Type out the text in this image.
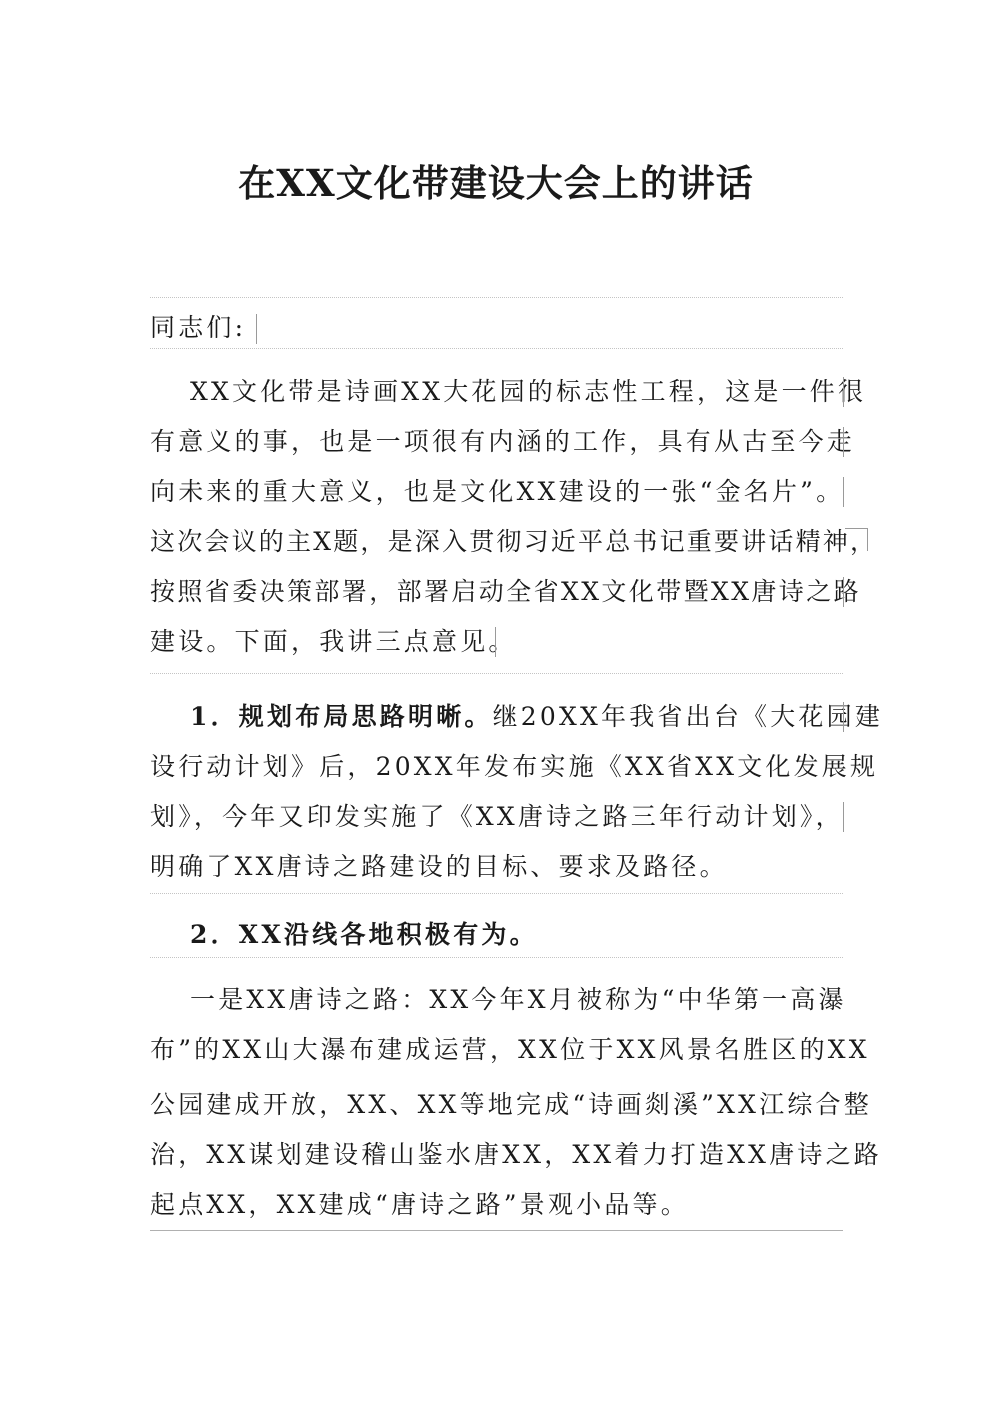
在XX文化带建设大会上的讲话
同志们:
XX文化带是诗画XX大花园的标志性工程，这是一件很
有意义的事，也是一项很有内涵的工作，具有从古至今走
向未来的重大意义，也是文化XX建设的一张“金名片”。
这次会议的主X题，是深入贯彻习近平总书记重要讲话精神，
按照省委决策部署，部署启动全省XX文化带暨XX唐诗之路
建设。下面，我讲三点意见。
1．规划布局思路明晰。继20XX年我省出台《大花园建
设行动计划》后，20XX年发布实施《XX省XX文化发展规
划》，今年又印发实施了《XX唐诗之路三年行动计划》，
明确了XX唐诗之路建设的目标、要求及路径。
2．XX沿线各地积极有为。
一是XX唐诗之路：XX今年X月被称为“中华第一高瀑
布”的XX山大瀑布建成运营，XX位于XX风景名胜区的XX
公园建成开放，XX、XX等地完成“诗画剡溪”XX江综合整
治，XX谋划建设稽山鉴水唐XX，XX着力打造XX唐诗之路
起点XX，XX建成“唐诗之路”景观小品等。
